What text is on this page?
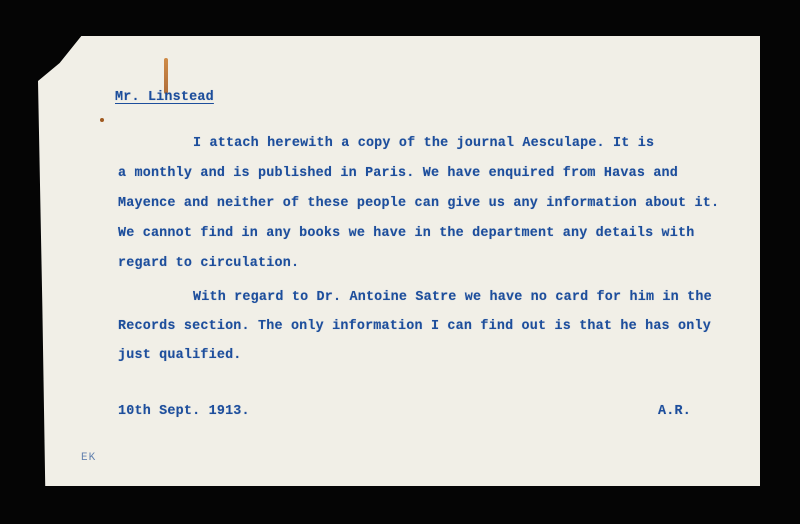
Mr. Linstead
I attach herewith a copy of the journal Aesculape. It is
a monthly and is published in Paris. We have enquired from Havas and
Mayence and neither of these people can give us any information about it.
We cannot find in any books we have in the department any details with
regard to circulation.
With regard to Dr. Antoine Satre we have no card for him in the
Records section. The only information I can find out is that he has only
just qualified.
10th Sept. 1913.	A.R.
EK
